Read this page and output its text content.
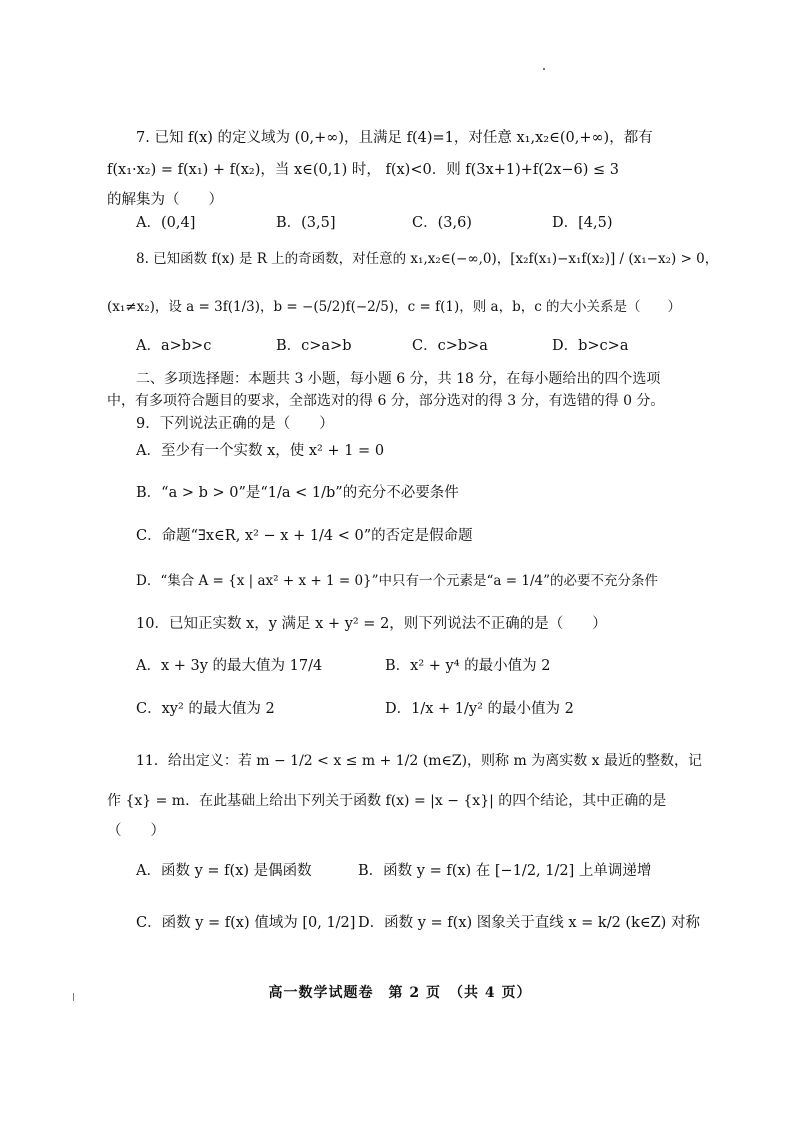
7. 已知 f(x) 的定义域为 (0,+∞)，且满足 f(4)=1，对任意 x₁,x₂∈(0,+∞)，都有
f(x₁·x₂) = f(x₁) + f(x₂)，当 x∈(0,1) 时， f(x)<0．则 f(3x+1)+f(2x−6) ≤ 3
的解集为（　　）
A．(0,4]	B．(3,5]	C．(3,6)	D．[4,5)
8. 已知函数 f(x) 是 R 上的奇函数，对任意的 x₁,x₂∈(−∞,0)，[x₂f(x₁)−x₁f(x₂)] / (x₁−x₂) > 0，
(x₁≠x₂)，设 a = 3f(1/3)，b = −(5/2)f(−2/5)，c = f(1)，则 a，b，c 的大小关系是（　　）
A．a>b>c	B．c>a>b	C．c>b>a	D．b>c>a
二、多项选择题：本题共 3 小题，每小题 6 分，共 18 分，在每小题给出的四个选项
中，有多项符合题目的要求，全部选对的得 6 分，部分选对的得 3 分，有选错的得 0 分。
9．下列说法正确的是（　　）
A．至少有一个实数 x，使 x² + 1 = 0
B．“a > b > 0”是“1/a < 1/b”的充分不必要条件
C．命题“∃x∈R, x² − x + 1/4 < 0”的否定是假命题
D．“集合 A = {x | ax² + x + 1 = 0}”中只有一个元素是“a = 1/4”的必要不充分条件
10．已知正实数 x，y 满足 x + y² = 2，则下列说法不正确的是（　　）
A．x + 3y 的最大值为 17/4	B．x² + y⁴ 的最小值为 2
C．xy² 的最大值为 2	D．1/x + 1/y² 的最小值为 2
11．给出定义：若 m − 1/2 < x ≤ m + 1/2 (m∈Z)，则称 m 为离实数 x 最近的整数，记
作 {x} = m．在此基础上给出下列关于函数 f(x) = |x − {x}| 的四个结论，其中正确的是
（　　）
A．函数 y = f(x) 是偶函数	B．函数 y = f(x) 在 [−1/2, 1/2] 上单调递增
C．函数 y = f(x) 值域为 [0, 1/2] D．函数 y = f(x) 图象关于直线 x = k/2 (k∈Z) 对称
高一数学试题卷　第 2 页　（共 4 页）
